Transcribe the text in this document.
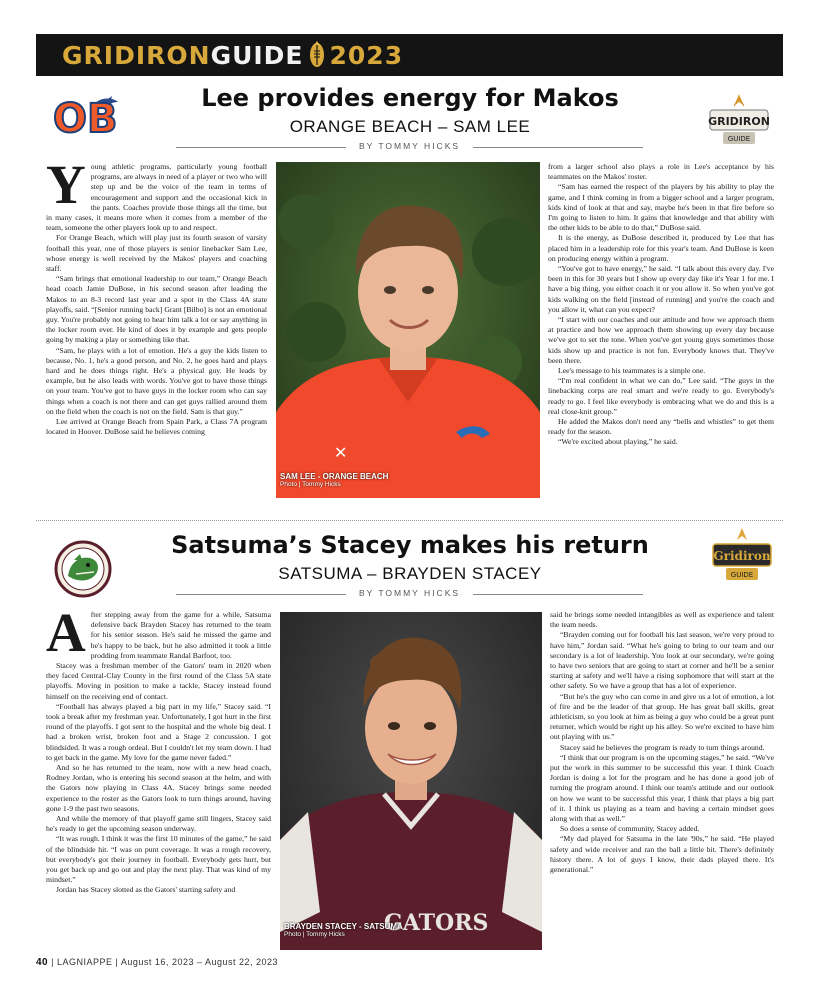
GRIDIRONGUIDE 2023
OB	Lee provides energy for Makos
ORANGE BEACH – SAM LEE
BY TOMMY HICKS
GRIDIRON
GUIDE
Y oung athletic programs, particularly young football programs, are always in need of a player or two who will step up and be the voice of the team in terms of encouragement and support and the occasional kick in the pants. Coaches provide those things all the time, but in many cases, it means more when it comes from a member of the team, someone the other players look up to and respect.

For Orange Beach, which will play just its fourth season of varsity football this year, one of those players is senior linebacker Sam Lee, whose energy is well received by the Makos' players and coaching staff.

“Sam brings that emotional leadership to our team,” Orange Beach head coach Jamie DuBose, in his second season after leading the Makos to an 8-3 record last year and a spot in the Class 4A state playoffs, said. “[Senior running back] Grant [Bilbo] is not an emotional guy. You're probably not going to hear him talk a lot or say anything in the locker room ever. He kind of does it by example and gets people going by making a play or something like that.

“Sam, he plays with a lot of emotion. He's a guy the kids listen to because, No. 1, he's a good person, and No. 2, he goes hard and plays hard and he does things right. He's a physical guy. He leads by example, but he also leads with words. You've got to have those things on your team. You've got to have guys in the locker room who can say things when a coach is not there and can get guys rallied around them on the field when the coach is not on the field. Sam is that guy.”

Lee arrived at Orange Beach from Spain Park, a Class 7A program located in Hoover. DuBose said he believes coming

✕
SAM LEE - ORANGE BEACH
Photo | Tommy Hicks

from a larger school also plays a role in Lee's acceptance by his teammates on the Makos' roster.

“Sam has earned the respect of the players by his ability to play the game, and I think coming in from a bigger school and a larger program, kids kind of look at that and say, maybe he's been in that fire before so I'm going to listen to him. It gains that knowledge and that ability with the other kids to be able to do that,” DuBose said.

It is the energy, as DuBose described it, produced by Lee that has placed him in a leadership role for this year's team. And DuBose is keen on producing energy within a program.

“You've got to have energy,” he said. “I talk about this every day. I've been in this for 30 years but I show up every day like it's Year 1 for me. I have a big thing, you either coach it or you allow it. So when you've got kids walking on the field [instead of running] and you're the coach and you allow it, what can you expect?

“I start with our coaches and our attitude and how we approach them at practice and how we approach them showing up every day because we've got to set the tone. When you've got young guys sometimes those kids show up and practice is not fun. Everybody knows that. They've been there.

Lee's message to his teammates is a simple one.

“I'm real confident in what we can do,” Lee said. “The guys in the linebacking corps are real smart and we're ready to go. Everybody's ready to go. I feel like everybody is embracing what we do and this is a real close-knit group.”

He added the Makos don't need any “bells and whistles” to get them ready for the season.

“We're excited about playing,” he said.

Satsuma’s Stacey makes his return
SATSUMA – BRAYDEN STACEY
BY TOMMY HICKS
Gridiron
GUIDE
A fter stepping away from the game for a while, Satsuma defensive back Brayden Stacey has returned to the team for his senior season. He's said he missed the game and he's happy to be back, but he also admitted it took a little prodding from teammate Randal Barfoot, too.

Stacey was a freshman member of the Gators' team in 2020 when they faced Central-Clay County in the first round of the Class 5A state playoffs. Moving in position to make a tackle, Stacey instead found himself on the receiving end of contact.

“Football has always played a big part in my life,” Stacey said. “I took a break after my freshman year. Unfortunately, I got hurt in the first round of the playoffs. I got sent to the hospital and the whole big deal. I had a broken wrist, broken foot and a Stage 2 concussion. I got blindsided. It was a rough ordeal. But I couldn't let my team down. I had to get back in the game. My love for the game never faded.”

And so he has returned to the team, now with a new head coach, Rodney Jordan, who is entering his second season at the helm, and with the Gators now playing in Class 4A. Stacey brings some needed experience to the roster as the Gators look to turn things around, having gone 1-9 the past two seasons.

And while the memory of that playoff game still lingers, Stacey said he's ready to get the upcoming season underway.

“It was rough. I think it was the first 10 minutes of the game,” he said of the blindside hit. “I was on punt coverage. It was a rough recovery, but everybody's got their journey in football. Everybody gets hurt, but you get back up and go out and play the next play. That was kind of my mindset.”

Jordan has Stacey slotted as the Gators' starting safety and

GATORS
BRAYDEN STACEY - SATSUMA
Photo | Tommy Hicks

said he brings some needed intangibles as well as experience and talent the team needs.

“Brayden coming out for football his last season, we're very proud to have him,” Jordan said. “What he's going to bring to our team and our secondary is a lot of leadership. You look at our secondary, we're going to have two seniors that are going to start at corner and he'll be a senior starting at safety and we'll have a rising sophomore that will start at the other safety. So we have a group that has a lot of experience.

“But he's the guy who can come in and give us a lot of emotion, a lot of fire and be the leader of that group. He has great ball skills, great athleticism, so you look at him as being a guy who could be a great punt returner, which would be right up his alley. So we're excited to have him out playing with us.”

Stacey said he believes the program is ready to turn things around.

“I think that our program is on the upcoming stages,” he said. “We've put the work in this summer to be successful this year. I think Coach Jordan is doing a lot for the program and he has done a good job of turning the program around. I think our team's attitude and our outlook on how we want to be successful this year, I think that plays a big part of it. I think us playing as a team and having a certain mindset goes along with that as well.”

So does a sense of community, Stacey added.

“My dad played for Satsuma in the late '90s,” he said. “He played safety and wide receiver and ran the ball a little bit. There's definitely history there. A lot of guys I know, their dads played there. It's generational.”

40 | LAGNIAPPE | August 16, 2023 – August 22, 2023
